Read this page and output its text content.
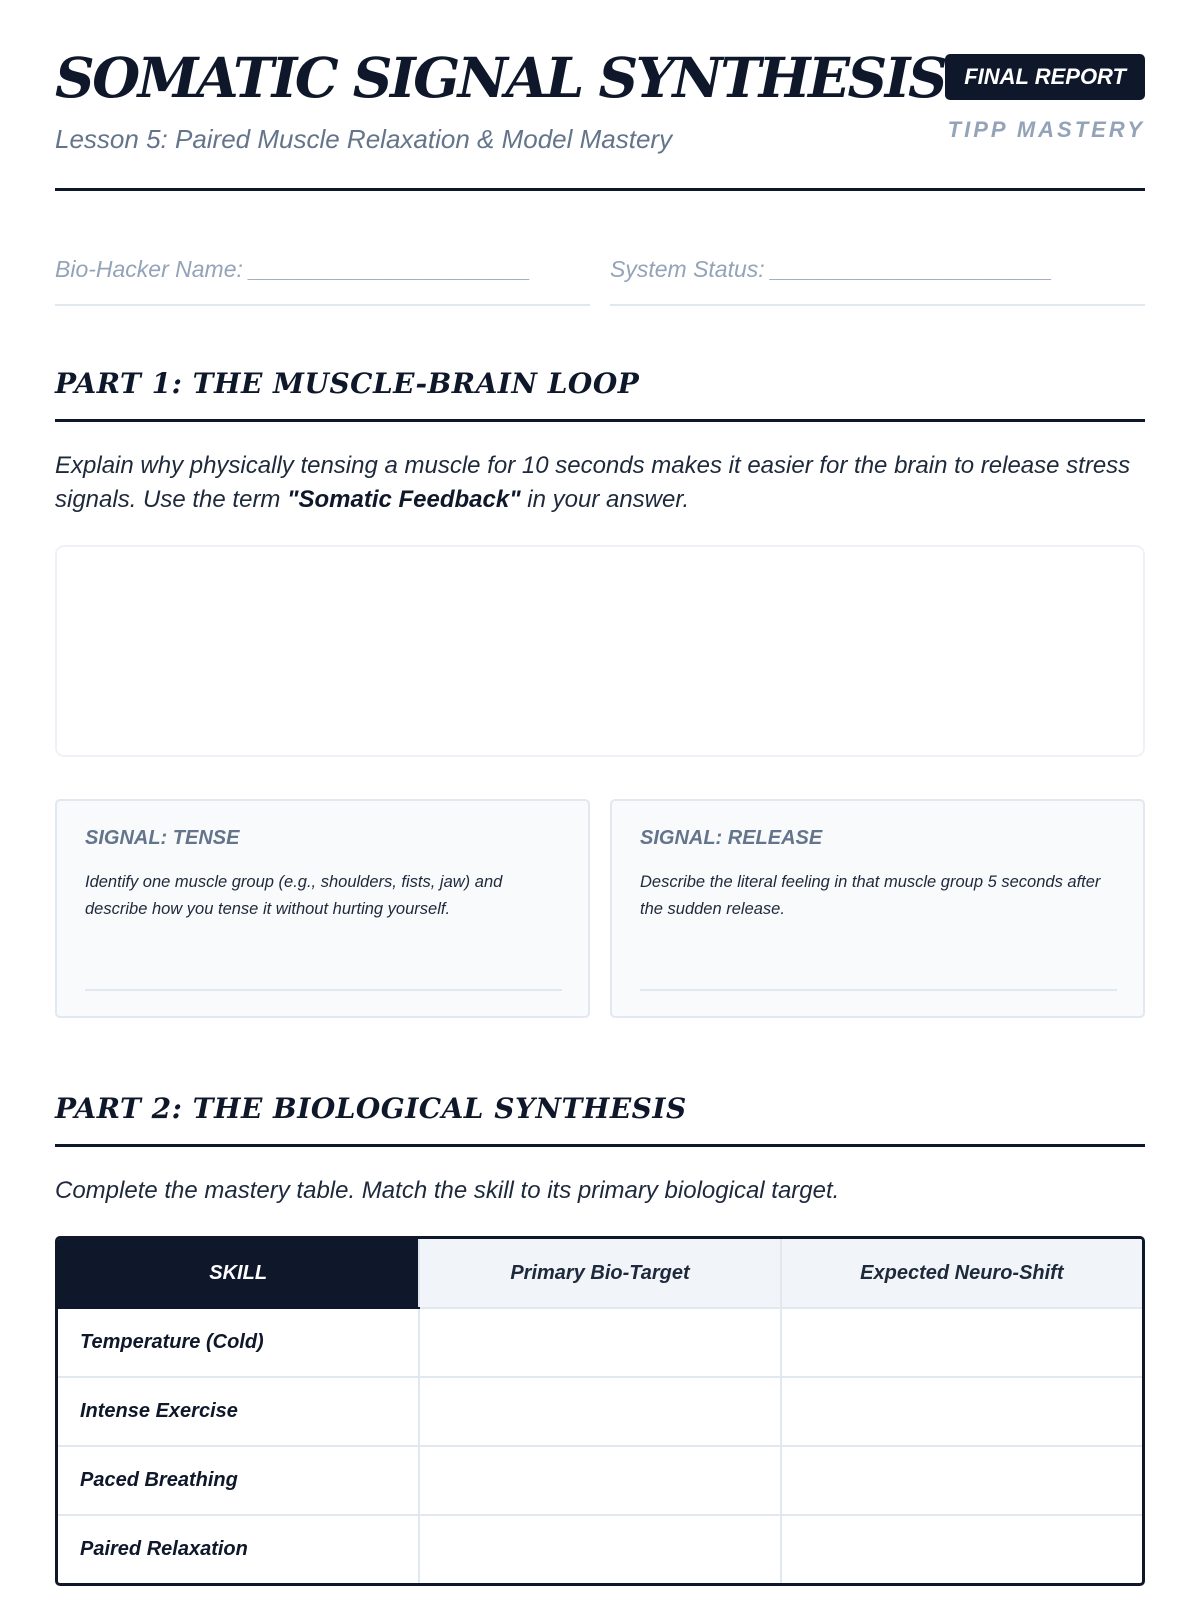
SOMATIC SIGNAL SYNTHESIS
Lesson 5: Paired Muscle Relaxation & Model Mastery
FINAL REPORT
TIPP MASTERY
Bio-Hacker Name: ______________________	System Status: ______________________
PART 1: THE MUSCLE-BRAIN LOOP

Explain why physically tensing a muscle for 10 seconds makes it easier for the brain to release stress signals. Use the term "Somatic Feedback" in your answer.

SIGNAL: TENSE
Identify one muscle group (e.g., shoulders, fists, jaw) and describe how you tense it without hurting yourself.
SIGNAL: RELEASE
Describe the literal feeling in that muscle group 5 seconds after the sudden release.
PART 2: THE BIOLOGICAL SYNTHESIS

Complete the mastery table. Match the skill to its primary biological target.

SKILL	Primary Bio-Target	Expected Neuro-Shift
Temperature (Cold)		
Intense Exercise		
Paced Breathing		
Paired Relaxation		
